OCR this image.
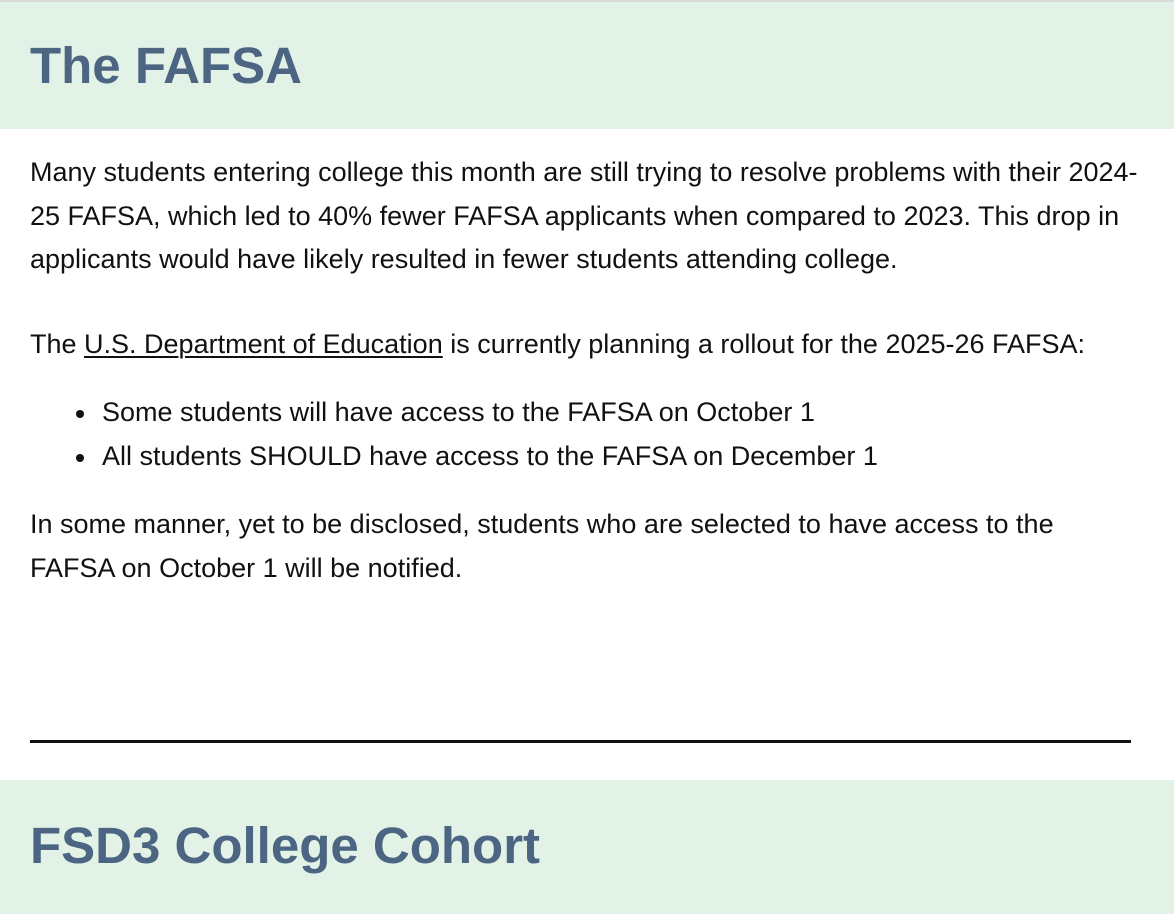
The FAFSA

Many students entering college this month are still trying to resolve problems with their 2024-25 FAFSA, which led to 40% fewer FAFSA applicants when compared to 2023. This drop in applicants would have likely resulted in fewer students attending college.

The U.S. Department of Education is currently planning a rollout for the 2025-26 FAFSA:

Some students will have access to the FAFSA on October 1
All students SHOULD have access to the FAFSA on December 1

In some manner, yet to be disclosed, students who are selected to have access to the FAFSA on October 1 will be notified.

FSD3 College Cohort
